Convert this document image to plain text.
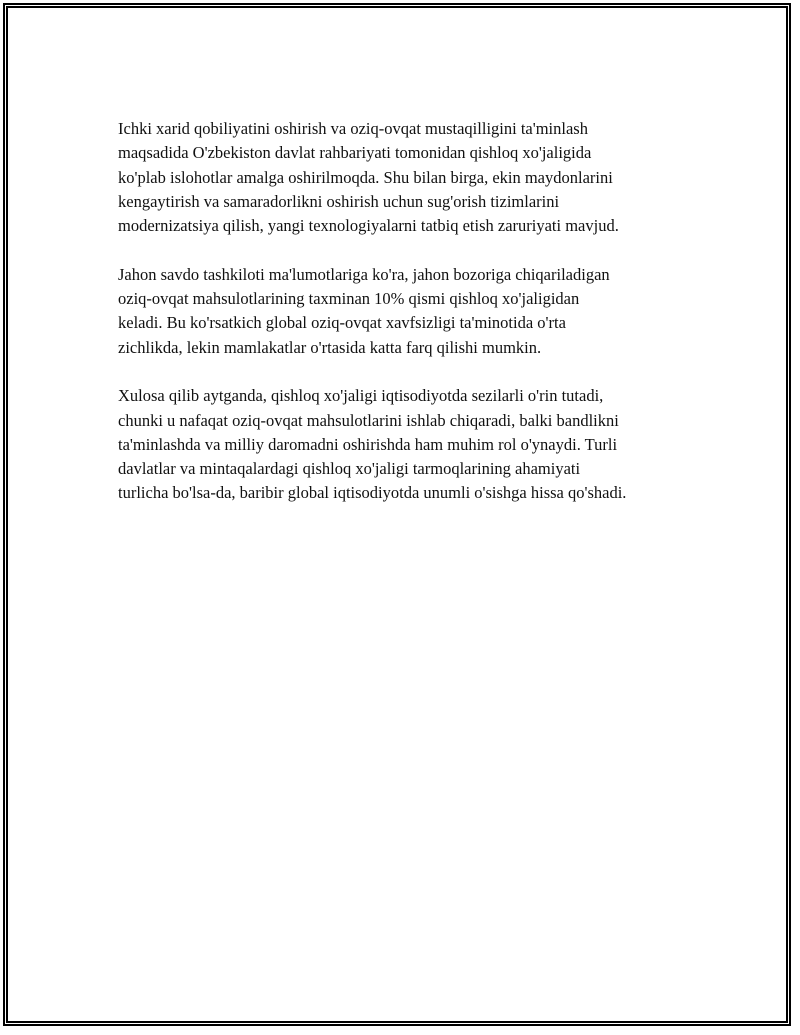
Ichki xarid qobiliyatini oshirish va oziq-ovqat mustaqilligini ta'minlash
maqsadida O'zbekiston davlat rahbariyati tomonidan qishloq xo'jaligida
ko'plab islohotlar amalga oshirilmoqda. Shu bilan birga, ekin maydonlarini
kengaytirish va samaradorlikni oshirish uchun sug'orish tizimlarini
modernizatsiya qilish, yangi texnologiyalarni tatbiq etish zaruriyati mavjud.

Jahon savdo tashkiloti ma'lumotlariga ko'ra, jahon bozoriga chiqariladigan
oziq-ovqat mahsulotlarining taxminan 10% qismi qishloq xo'jaligidan
keladi. Bu ko'rsatkich global oziq-ovqat xavfsizligi ta'minotida o'rta
zichlikda, lekin mamlakatlar o'rtasida katta farq qilishi mumkin.

Xulosa qilib aytganda, qishloq xo'jaligi iqtisodiyotda sezilarli o'rin tutadi,
chunki u nafaqat oziq-ovqat mahsulotlarini ishlab chiqaradi, balki bandlikni
ta'minlashda va milliy daromadni oshirishda ham muhim rol o'ynaydi. Turli
davlatlar va mintaqalardagi qishloq xo'jaligi tarmoqlarining ahamiyati
turlicha bo'lsa-da, baribir global iqtisodiyotda unumli o'sishga hissa qo'shadi.
